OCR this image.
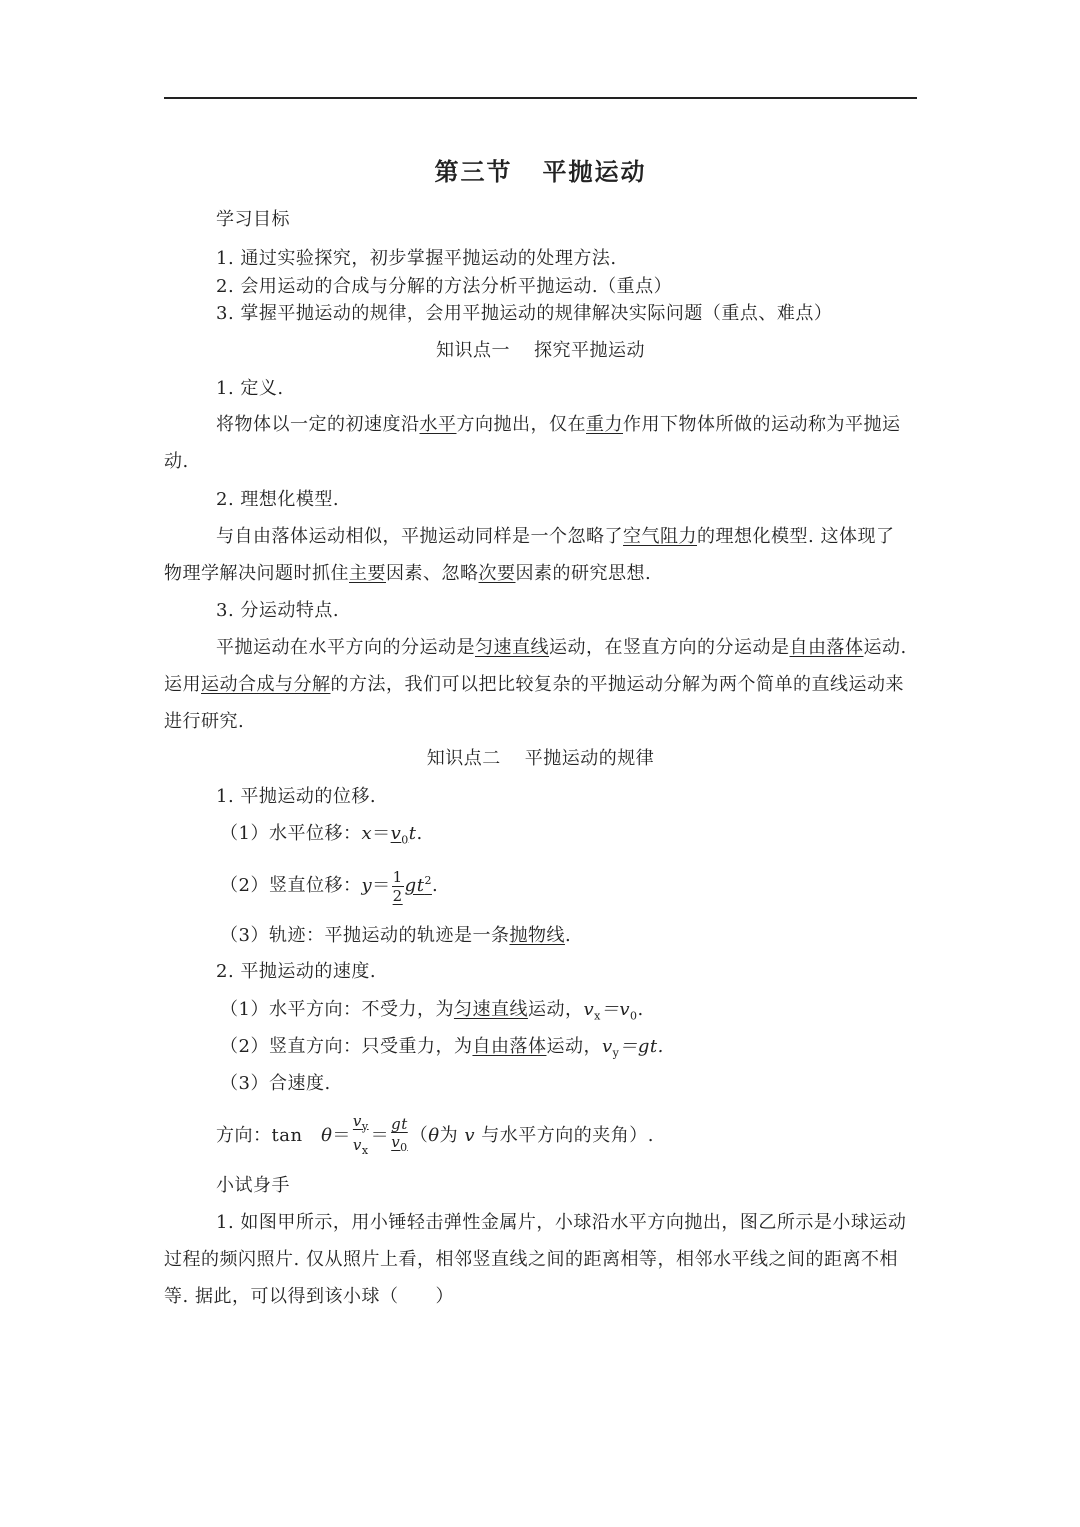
第三节 平抛运动
学习目标
1. 通过实验探究，初步掌握平抛运动的处理方法.
2. 会用运动的合成与分解的方法分析平抛运动.（重点）
3. 掌握平抛运动的规律，会用平抛运动的规律解决实际问题（重点、难点）
知识点一 探究平抛运动
1. 定义.
将物体以一定的初速度沿水平方向抛出，仅在重力作用下物体所做的运动称为平抛运
动.
2. 理想化模型.
与自由落体运动相似，平抛运动同样是一个忽略了空气阻力的理想化模型. 这体现了
物理学解决问题时抓住主要因素、忽略次要因素的研究思想.
3. 分运动特点.
平抛运动在水平方向的分运动是匀速直线运动，在竖直方向的分运动是自由落体运动.
运用运动合成与分解的方法，我们可以把比较复杂的平抛运动分解为两个简单的直线运动来
进行研究.
知识点二 平抛运动的规律
1. 平抛运动的位移.
（1）水平位移：$x=v_0t$.
（2）竖直位移：$y= \frac{1}{2} gt^2$.
（3）轨迹：平抛运动的轨迹是一条抛物线.
2. 平抛运动的速度.
（1）水平方向：不受力，为匀速直线运动，$v_x=v_0$.
（2）竖直方向：只受重力，为自由落体运动，$v_y=gt$.
（3）合速度.
方向：tan　θ＝
$v_y$
$v_x$
＝
gt
$v_0$
（θ为 v 与水平方向的夹角）.
小试身手
1. 如图甲所示，用小锤轻击弹性金属片，小球沿水平方向抛出，图乙所示是小球运动
过程的频闪照片. 仅从照片上看，相邻竖直线之间的距离相等，相邻水平线之间的距离不相
等. 据此，可以得到该小球（　　）
